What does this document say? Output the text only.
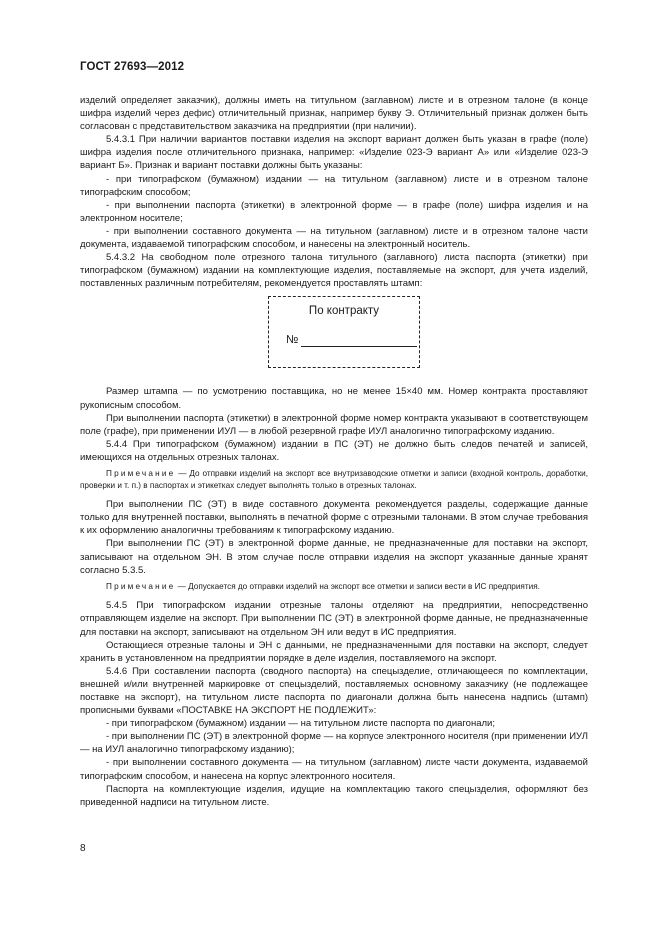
ГОСТ 27693—2012

изделий определяет заказчик), должны иметь на титульном (заглавном) листе и в отрезном талоне (в конце шифра изделий через дефис) отличительный признак, например букву Э. Отличительный признак должен быть согласован с представительством заказчика на предприятии (при наличии).

5.4.3.1 При наличии вариантов поставки изделия на экспорт вариант должен быть указан в графе (поле) шифра изделия после отличительного признака, например: «Изделие 023-Э вариант А» или «Изделие 023-Э вариант Б». Признак и вариант поставки должны быть указаны:

- при типографском (бумажном) издании — на титульном (заглавном) листе и в отрезном талоне типографским способом;

- при выполнении паспорта (этикетки) в электронной форме — в графе (поле) шифра изделия и на электронном носителе;

- при выполнении составного документа — на титульном (заглавном) листе и в отрезном талоне части документа, издаваемой типографским способом, и нанесены на электронный носитель.

5.4.3.2 На свободном поле отрезного талона титульного (заглавного) листа паспорта (этикетки) при типографском (бумажном) издании на комплектующие изделия, поставляемые на экспорт, для учета изделий, поставленных различным потребителям, рекомендуется проставлять штамп:

По контракту
№

Размер штампа — по усмотрению поставщика, но не менее 15×40 мм. Номер контракта проставляют рукописным способом.

При выполнении паспорта (этикетки) в электронной форме номер контракта указывают в соответствующем поле (графе), при применении ИУЛ — в любой резервной графе ИУЛ аналогично типографскому изданию.

5.4.4 При типографском (бумажном) издании в ПС (ЭТ) не должно быть следов печатей и записей, имеющихся на отдельных отрезных талонах.

Примечание — До отправки изделий на экспорт все внутризаводские отметки и записи (входной контроль, доработки, проверки и т. п.) в паспортах и этикетках следует выполнять только в отрезных талонах.

При выполнении ПС (ЭТ) в виде составного документа рекомендуется разделы, содержащие данные только для внутренней поставки, выполнять в печатной форме с отрезными талонами. В этом случае требования к их оформлению аналогичны требованиям к типографскому изданию.

При выполнении ПС (ЭТ) в электронной форме данные, не предназначенные для поставки на экспорт, записывают на отдельном ЭН. В этом случае после отправки изделия на экспорт указанные данные хранят согласно 5.3.5.

Примечание — Допускается до отправки изделий на экспорт все отметки и записи вести в ИС предприятия.

5.4.5 При типографском издании отрезные талоны отделяют на предприятии, непосредственно отправляющем изделие на экспорт. При выполнении ПС (ЭТ) в электронной форме данные, не предназначенные для поставки на экспорт, записывают на отдельном ЭН или ведут в ИС предприятия.

Остающиеся отрезные талоны и ЭН с данными, не предназначенными для поставки на экспорт, следует хранить в установленном на предприятии порядке в деле изделия, поставляемого на экспорт.

5.4.6 При составлении паспорта (сводного паспорта) на спецызделие, отличающееся по комплектации, внешней и/или внутренней маркировке от спецызделий, поставляемых основному заказчику (не подлежащее поставке на экспорт), на титульном листе паспорта по диагонали должна быть нанесена надпись (штамп) прописными буквами «ПОСТАВКЕ НА ЭКСПОРТ НЕ ПОДЛЕЖИТ»:

- при типографском (бумажном) издании — на титульном листе паспорта по диагонали;

- при выполнении ПС (ЭТ) в электронной форме — на корпусе электронного носителя (при применении ИУЛ — на ИУЛ аналогично типографскому изданию);

- при выполнении составного документа — на титульном (заглавном) листе части документа, издаваемой типографским способом, и нанесена на корпус электронного носителя.

Паспорта на комплектующие изделия, идущие на комплектацию такого спецызделия, оформляют без приведенной надписи на титульном листе.

8
